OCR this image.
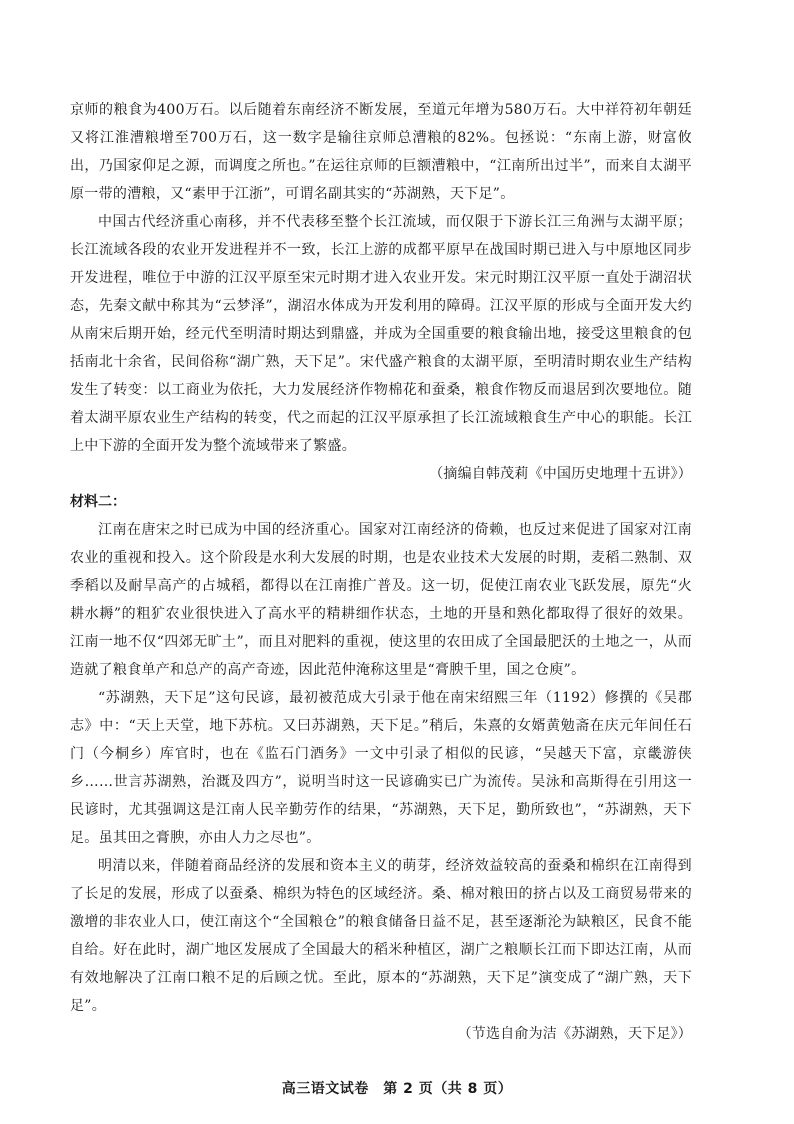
京师的粮食为400万石。以后随着东南经济不断发展，至道元年增为580万石。大中祥符初年朝廷又将江淮漕粮增至700万石，这一数字是输往京师总漕粮的82%。包拯说：“东南上游，财富攸出，乃国家仰足之源，而调度之所也。”在运往京师的巨额漕粮中，“江南所出过半”，而来自太湖平原一带的漕粮，又“素甲于江浙”，可谓名副其实的“苏湖熟，天下足”。

中国古代经济重心南移，并不代表移至整个长江流域，而仅限于下游长江三角洲与太湖平原；长江流域各段的农业开发进程并不一致，长江上游的成都平原早在战国时期已进入与中原地区同步开发进程，唯位于中游的江汉平原至宋元时期才进入农业开发。宋元时期江汉平原一直处于湖沼状态，先秦文献中称其为“云梦泽”，湖沼水体成为开发利用的障碍。江汉平原的形成与全面开发大约从南宋后期开始，经元代至明清时期达到鼎盛，并成为全国重要的粮食输出地，接受这里粮食的包括南北十余省，民间俗称“湖广熟，天下足”。宋代盛产粮食的太湖平原，至明清时期农业生产结构发生了转变：以工商业为依托，大力发展经济作物棉花和蚕桑，粮食作物反而退居到次要地位。随着太湖平原农业生产结构的转变，代之而起的江汉平原承担了长江流域粮食生产中心的职能。长江上中下游的全面开发为整个流域带来了繁盛。

（摘编自韩茂莉《中国历史地理十五讲》）

材料二：

江南在唐宋之时已成为中国的经济重心。国家对江南经济的倚赖，也反过来促进了国家对江南农业的重视和投入。这个阶段是水利大发展的时期，也是农业技术大发展的时期，麦稻二熟制、双季稻以及耐旱高产的占城稻，都得以在江南推广普及。这一切，促使江南农业飞跃发展，原先“火耕水耨”的粗犷农业很快进入了高水平的精耕细作状态，土地的开垦和熟化都取得了很好的效果。江南一地不仅“四郊无旷土”，而且对肥料的重视，使这里的农田成了全国最肥沃的土地之一，从而造就了粮食单产和总产的高产奇迹，因此范仲淹称这里是“膏腴千里，国之仓庾”。

“苏湖熟，天下足”这句民谚，最初被范成大引录于他在南宋绍熙三年（1192）修撰的《吴郡志》中：“天上天堂，地下苏杭。又曰苏湖熟，天下足。”稍后，朱熹的女婿黄勉斋在庆元年间任石门（今桐乡）库官时，也在《监石门酒务》一文中引录了相似的民谚，“吴越天下富，京畿游侠乡……世言苏湖熟，治溉及四方”，说明当时这一民谚确实已广为流传。吴泳和高斯得在引用这一民谚时，尤其强调这是江南人民辛勤劳作的结果，“苏湖熟，天下足，勤所致也”，“苏湖熟，天下足。虽其田之膏腴，亦由人力之尽也”。

明清以来，伴随着商品经济的发展和资本主义的萌芽，经济效益较高的蚕桑和棉织在江南得到了长足的发展，形成了以蚕桑、棉织为特色的区域经济。桑、棉对粮田的挤占以及工商贸易带来的激增的非农业人口，使江南这个“全国粮仓”的粮食储备日益不足，甚至逐渐沦为缺粮区，民食不能自给。好在此时，湖广地区发展成了全国最大的稻米种植区，湖广之粮顺长江而下即达江南，从而有效地解决了江南口粮不足的后顾之忧。至此，原本的“苏湖熟，天下足”演变成了“湖广熟，天下足”。

（节选自俞为洁《苏湖熟，天下足》）

高三语文试卷　第 2 页（共 8 页）
